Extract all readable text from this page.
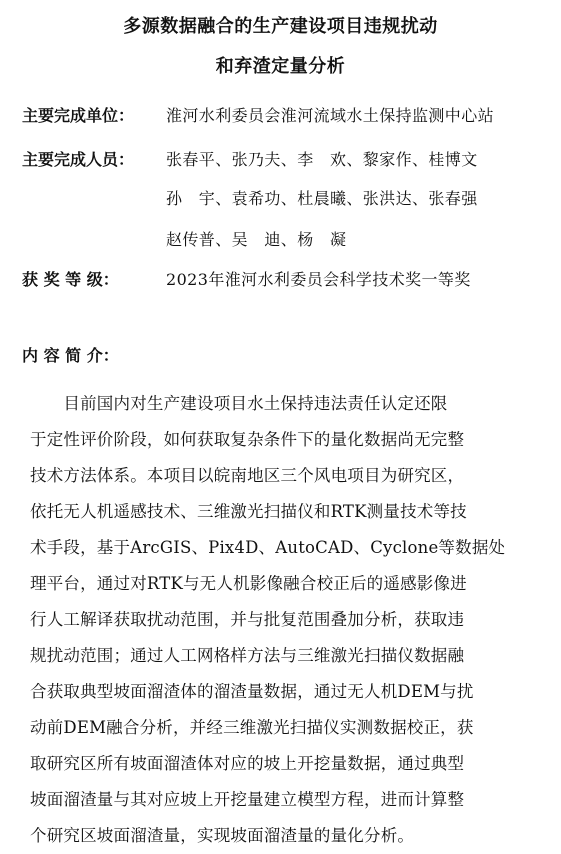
多源数据融合的生产建设项目违规扰动
和弃渣定量分析
主要完成单位： 淮河水利委员会淮河流域水土保持监测中心站
主要完成人员： 张春平、张乃夫、李　欢、黎家作、桂博文
孙　宇、袁希功、杜晨曦、张洪达、张春强
赵传普、吴　迪、杨　凝
获 奖 等 级：	2023年淮河水利委员会科学技术奖一等奖
内 容 简 介：
　　目前国内对生产建设项目水土保持违法责任认定还限
于定性评价阶段，如何获取复杂条件下的量化数据尚无完整
技术方法体系。本项目以皖南地区三个风电项目为研究区，
依托无人机遥感技术、三维激光扫描仪和RTK测量技术等技
术手段，基于ArcGIS、Pix4D、AutoCAD、Cyclone等数据处
理平台，通过对RTK与无人机影像融合校正后的遥感影像进
行人工解译获取扰动范围，并与批复范围叠加分析，获取违
规扰动范围；通过人工网格样方法与三维激光扫描仪数据融
合获取典型坡面溜渣体的溜渣量数据，通过无人机DEM与扰
动前DEM融合分析，并经三维激光扫描仪实测数据校正，获
取研究区所有坡面溜渣体对应的坡上开挖量数据，通过典型
坡面溜渣量与其对应坡上开挖量建立模型方程，进而计算整
个研究区坡面溜渣量，实现坡面溜渣量的量化分析。
